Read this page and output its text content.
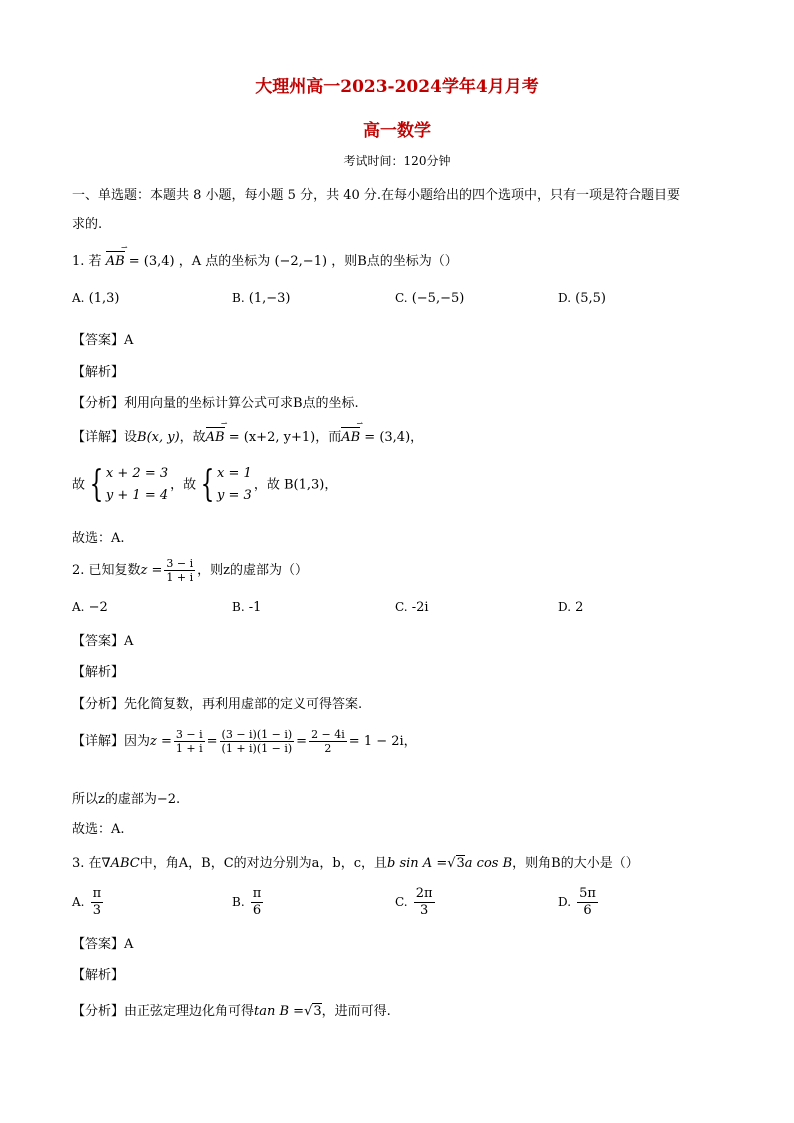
大理州高一2023-2024学年4月月考
高一数学
考试时间：120分钟
一、单选题：本题共 8 小题，每小题 5 分，共 40 分.在每小题给出的四个选项中，只有一项是符合题目要
求的.
1. 若 AB ⇀ = (3,4) ，A 点的坐标为 (−2,−1) ，则B点的坐标为（）
A. (1,3)	B. (1,−3)	C. (−5,−5)	D. (5,5)
【答案】A
【解析】
【分析】利用向量的坐标计算公式可求B点的坐标.
【详解】设B(x, y)，故AB ⇀ = (x+2, y+1)，而AB ⇀ = (3,4)，
故 { x + 2 = 3
y + 1 = 4
，故 { x = 1
y = 3
，故 B(1,3)，
故选：A.
2. 已知复数$z = \frac{3 - i}{1 + i}$ ，则z的虚部为（）
A. −2	B. -1	C. -2i	D. 2
【答案】A
【解析】
【分析】先化简复数，再利用虚部的定义可得答案.
【详解】因为$z = \frac{3 - i}{1 + i} = \frac{(3 - i)(1 - i)}{(1 + i)(1 - i)} = \frac{2 - 4i}{2} = 1 - 2i$，
所以z的虚部为−2.
故选：A.
3. 在∇ABC中，角A，B，C的对边分别为a，b，c，且b sin A =√3a cos B，则角B的大小是（）
A. $\frac{\pi}{3}$	B. $\frac{\pi}{6}$	C. $\frac{2\pi}{3}$	D. $\frac{5\pi}{6}$
【答案】A
【解析】
【分析】由正弦定理边化角可得tan B =√3，进而可得.
